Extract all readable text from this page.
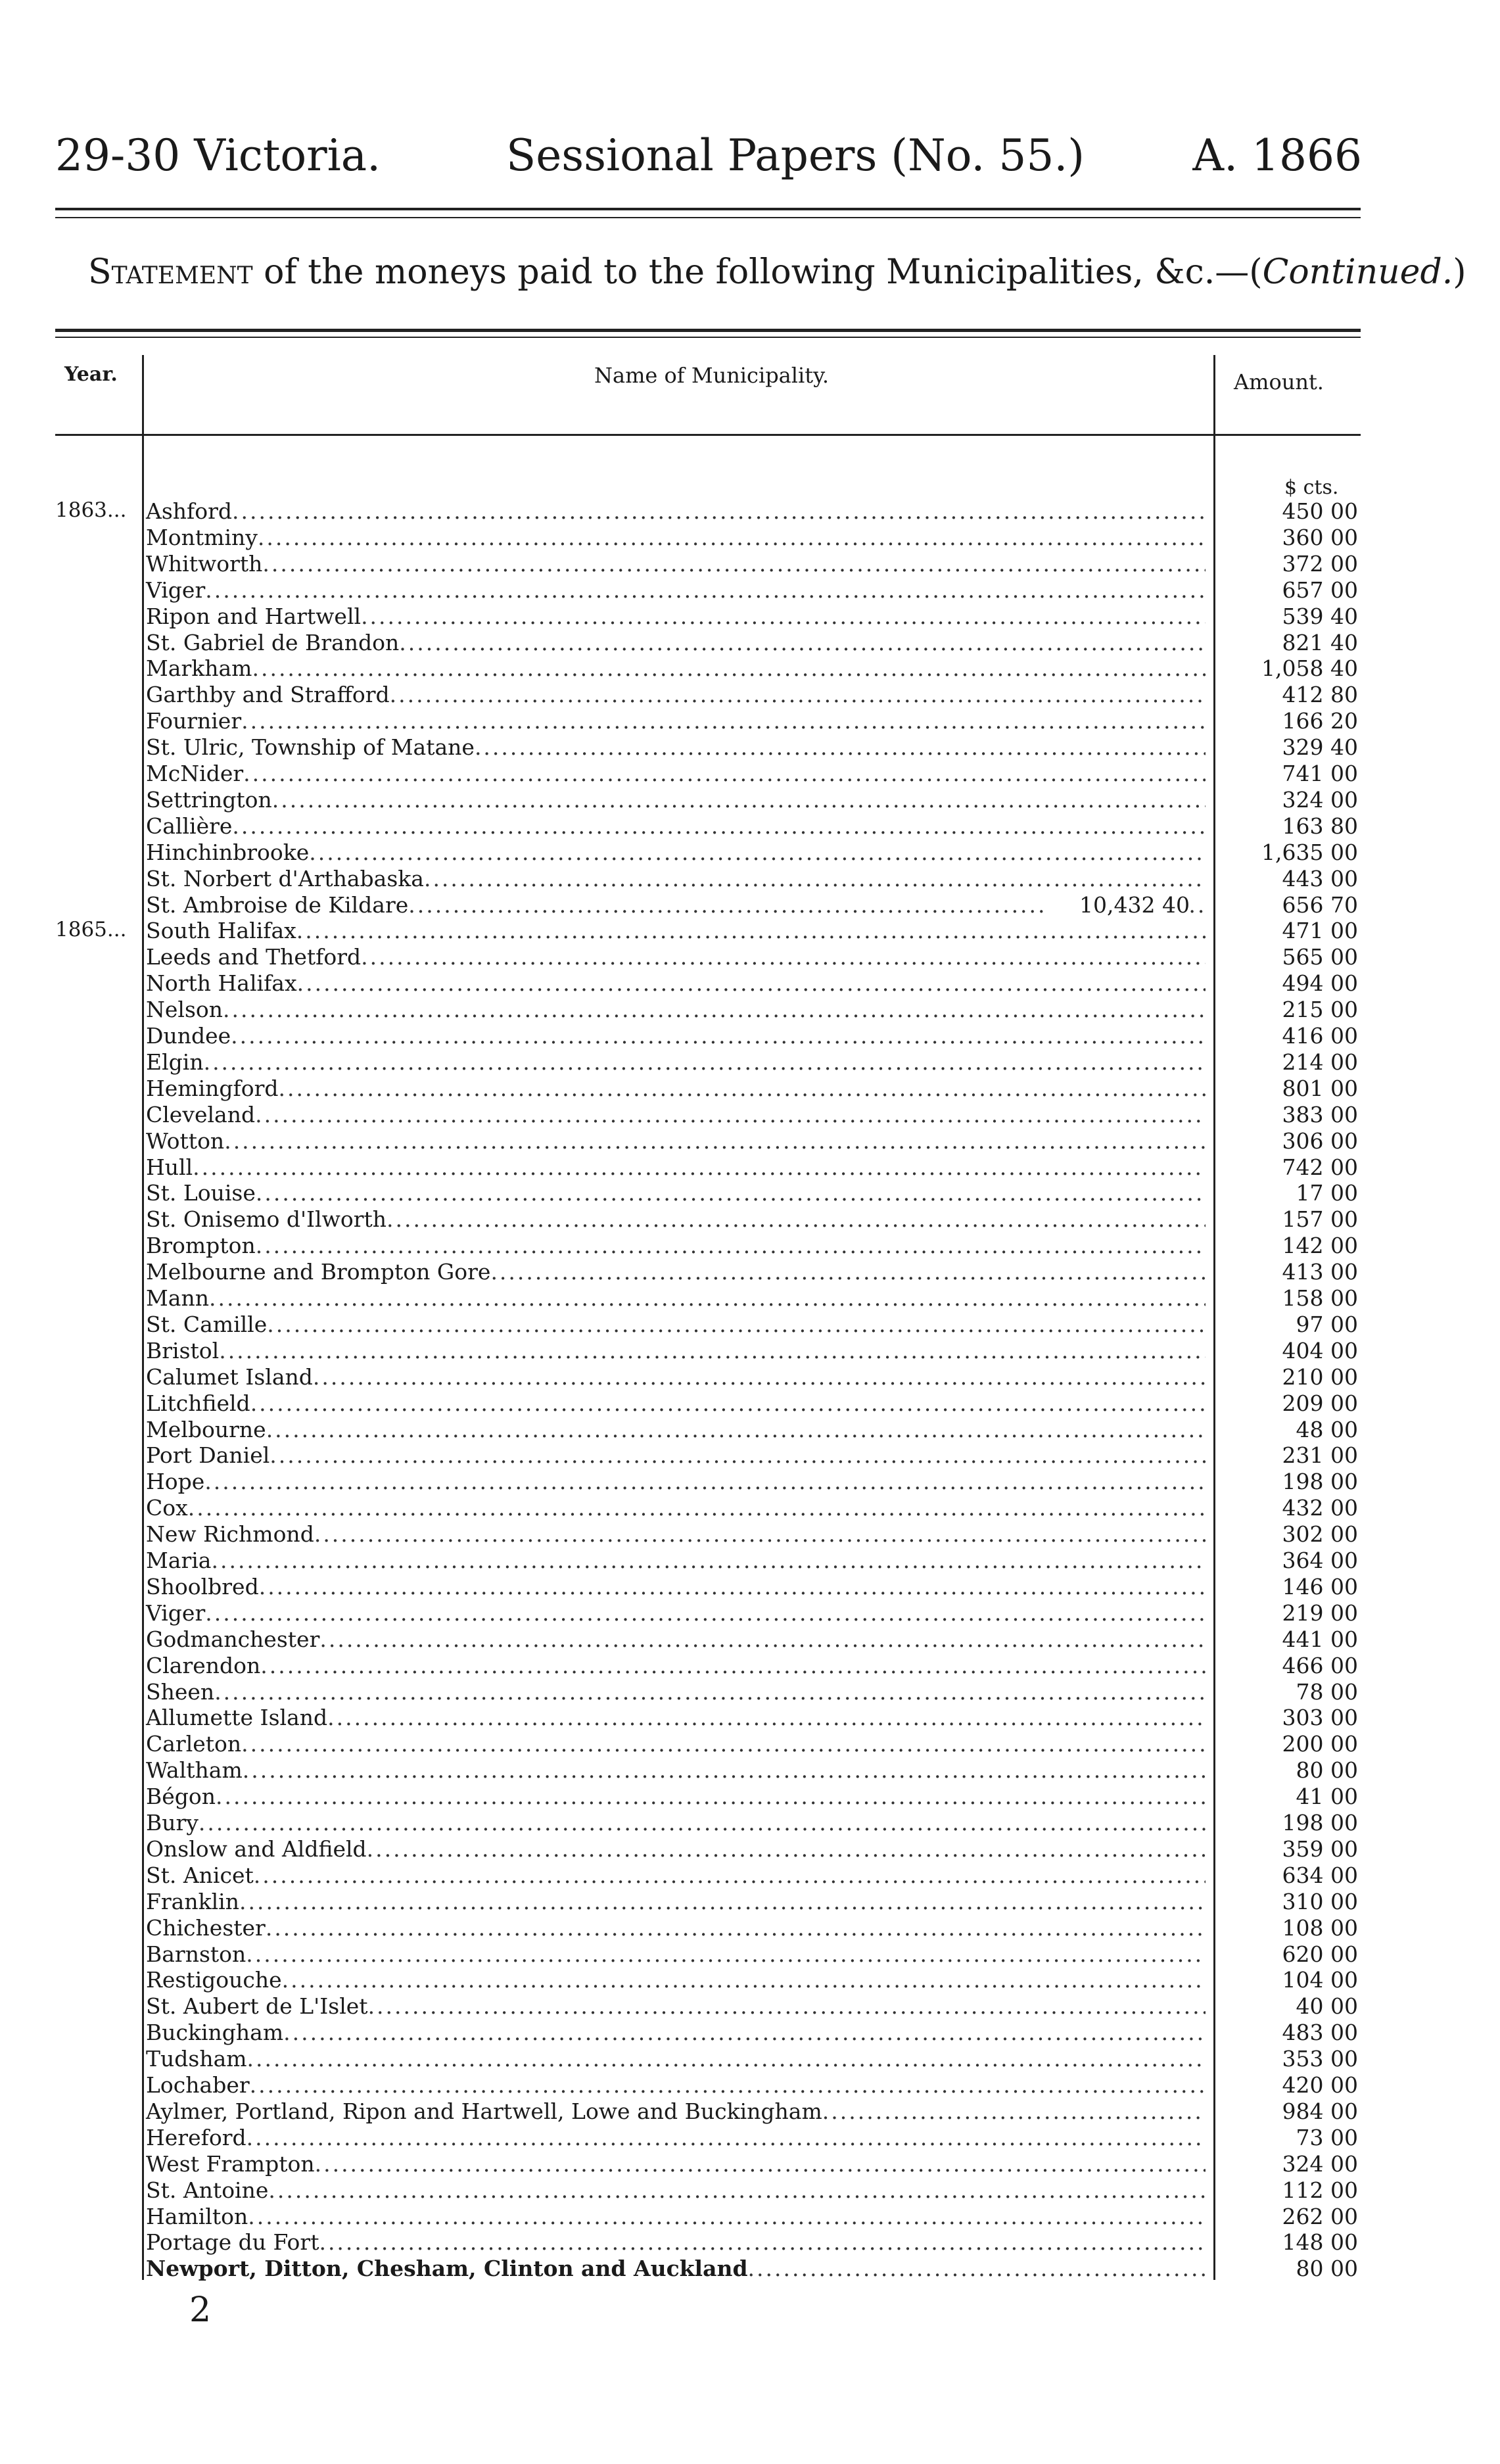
29-30 Victoria.	Sessional Papers (No. 55.) A. 1866
Statement of the moneys paid to the following Municipalities, &c.—(Continued.)
Year.	Name of Municipality.	Amount.
$ cts.
1863... Ashford .....	450 00
Montminy .....	360 00
Whitworth .....	372 00
Viger .....	657 00
Ripon and Hartwell .....	539 40
St. Gabriel de Brandon .....	821 40
Markham .....	1,058 40
Garthby and Strafford .....	412 80
Fournier .....	166 20
St. Ulric, Township of Matane .....	329 40
McNider .....	741 00
Settrington .....	324 00
Callière .....	163 80
Hinchinbrooke .....	1,635 00
St. Norbert d'Arthabaska .....	443 00
St. Ambroise de Kildare .....	10,432 40	656 70
1865... South Halifax .....	471 00
Leeds and Thetford .....	565 00
North Halifax .....	494 00
Nelson .....	215 00
Dundee .....	416 00
Elgin .....	214 00
Hemingford .....	801 00
Cleveland .....	383 00
Wotton .....	306 00
Hull .....	742 00
St. Louise .....	17 00
St. Onisemo d'Ilworth .....	157 00
Brompton .....	142 00
Melbourne and Brompton Gore .....	413 00
Mann .....	158 00
St. Camille .....	97 00
Bristol .....	404 00
Calumet Island .....	210 00
Litchfield .....	209 00
Melbourne .....	48 00
Port Daniel .....	231 00
Hope .....	198 00
Cox .....	432 00
New Richmond .....	302 00
Maria .....	364 00
Shoolbred .....	146 00
Viger .....	219 00
Godmanchester .....	441 00
Clarendon .....	466 00
Sheen .....	78 00
Allumette Island .....	303 00
Carleton .....	200 00
Waltham .....	80 00
Bégon .....	41 00
Bury .....	198 00
Onslow and Aldfield .....	359 00
St. Anicet .....	634 00
Franklin .....	310 00
Chichester .....	108 00
Barnston .....	620 00
Restigouche .....	104 00
St. Aubert de L'Islet .....	40 00
Buckingham .....	483 00
Tudsham .....	353 00
Lochaber .....	420 00
Aylmer, Portland, Ripon and Hartwell, Lowe and Buckingham .....	984 00
Hereford .....	73 00
West Frampton .....	324 00
St. Antoine .....	112 00
Hamilton .....	262 00
Portage du Fort .....	148 00
Newport, Ditton, Chesham, Clinton and Auckland .....	80 00
2
